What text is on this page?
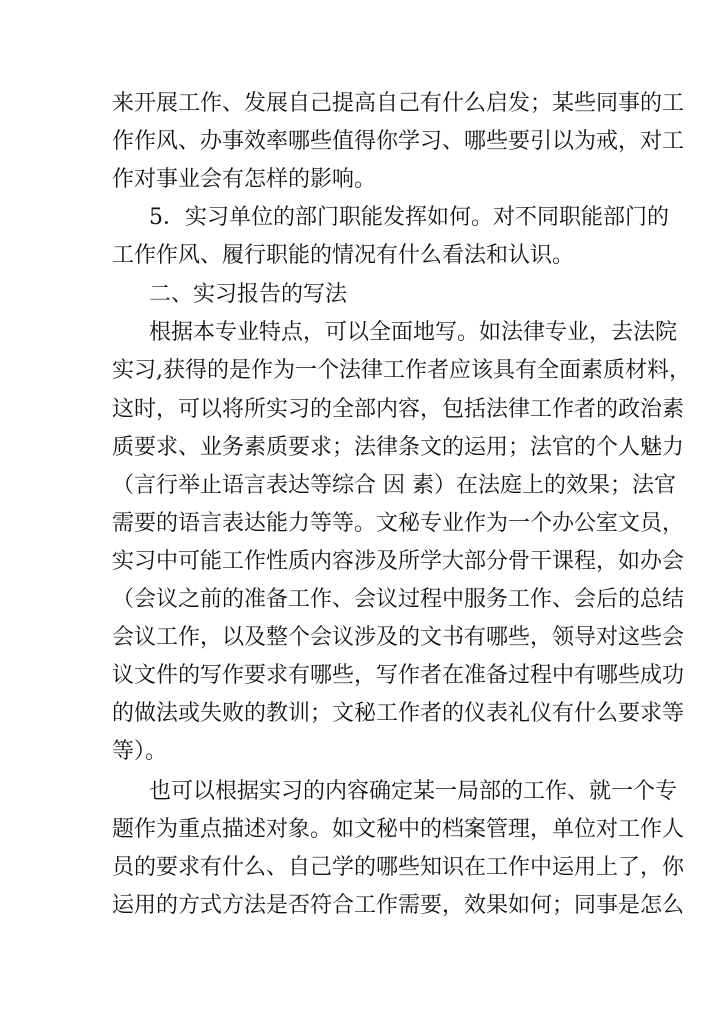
来开展工作、发展自己提高自己有什么启发；某些同事的工
作作风、办事效率哪些值得你学习、哪些要引以为戒，对工
作对事业会有怎样的影响。
5．实习单位的部门职能发挥如何。对不同职能部门的
工作作风、履行职能的情况有什么看法和认识。
二、实习报告的写法
根据本专业特点，可以全面地写。如法律专业，去法院
实习,获得的是作为一个法律工作者应该具有全面素质材料，
这时，可以将所实习的全部内容，包括法律工作者的政治素
质要求、业务素质要求；法律条文的运用；法官的个人魅力
（言行举止语言表达等综合 因 素）在法庭上的效果；法官
需要的语言表达能力等等。文秘专业作为一个办公室文员，
实习中可能工作性质内容涉及所学大部分骨干课程，如办会
（会议之前的准备工作、会议过程中服务工作、会后的总结
会议工作，以及整个会议涉及的文书有哪些，领导对这些会
议文件的写作要求有哪些，写作者在准备过程中有哪些成功
的做法或失败的教训；文秘工作者的仪表礼仪有什么要求等
等）。
也可以根据实习的内容确定某一局部的工作、就一个专
题作为重点描述对象。如文秘中的档案管理，单位对工作人
员的要求有什么、自己学的哪些知识在工作中运用上了，你
运用的方式方法是否符合工作需要，效果如何；同事是怎么
